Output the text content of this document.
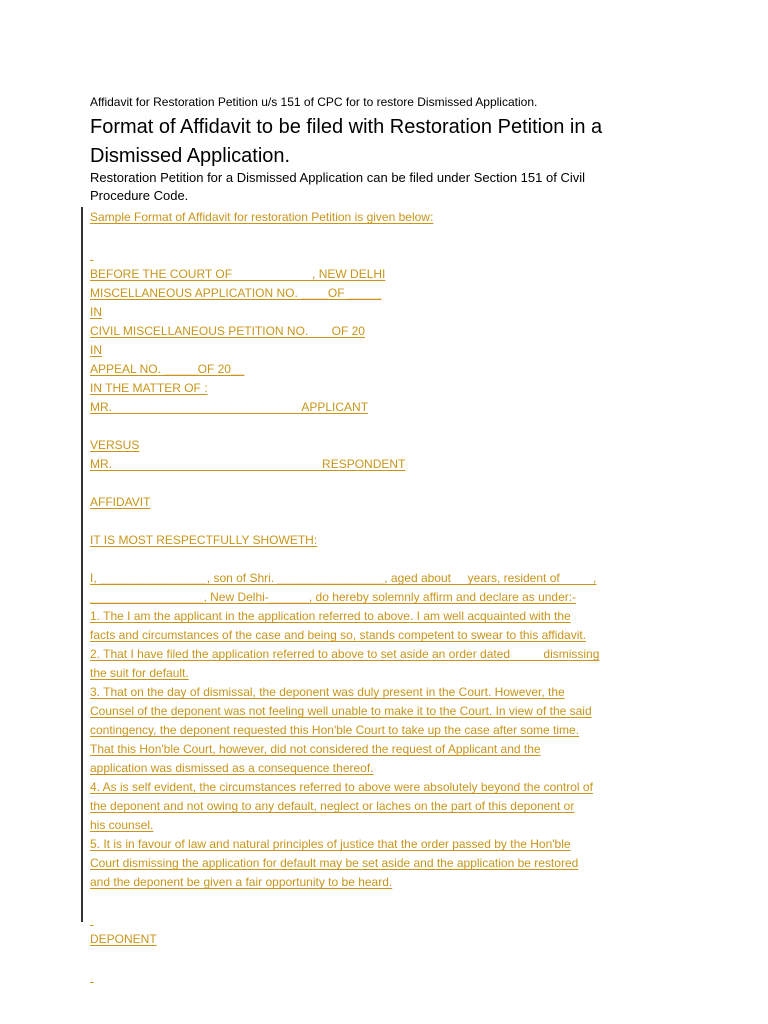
Affidavit for Restoration Petition u/s 151 of CPC for to restore Dismissed Application.
Format of Affidavit to be filed with Restoration Petition in a
Dismissed Application.
Restoration Petition for a Dismissed Application can be filed under Section 151 of Civil
Procedure Code.
Sample Format of Affidavit for restoration Petition is given below:

BEFORE THE COURT OF                        , NEW DELHI
MISCELLANEOUS APPLICATION NO. ____OF _____
IN
CIVIL MISCELLANEOUS PETITION NO.       OF 20
IN
APPEAL NO. _____OF 20__
IN THE MATTER OF :
MR.                                                         APPLICANT
VERSUS
MR.                                                               RESPONDENT
AFFIDAVIT
IT IS MOST RESPECTFULLY SHOWETH:
I, ________________, son of Shri. ________________, aged about     years, resident of          ,
_________________, New Delhi-______, do hereby solemnly affirm and declare as under:-
1. The I am the applicant in the application referred to above. I am well acquainted with the
facts and circumstances of the case and being so, stands competent to swear to this affidavit.
2. That I have filed the application referred to above to set aside an order dated          dismissing
the suit for default.
3. That on the day of dismissal, the deponent was duly present in the Court. However, the
Counsel of the deponent was not feeling well unable to make it to the Court. In view of the said
contingency, the deponent requested this Hon'ble Court to take up the case after some time.
That this Hon'ble Court, however, did not considered the request of Applicant and the
application was dismissed as a consequence thereof.
4. As is self evident, the circumstances referred to above were absolutely beyond the control of
the deponent and not owing to any default, neglect or laches on the part of this deponent or
his counsel.
5. It is in favour of law and natural principles of justice that the order passed by the Hon'ble
Court dismissing the application for default may be set aside and the application be restored
and the deponent be given a fair opportunity to be heard.

DEPONENT
